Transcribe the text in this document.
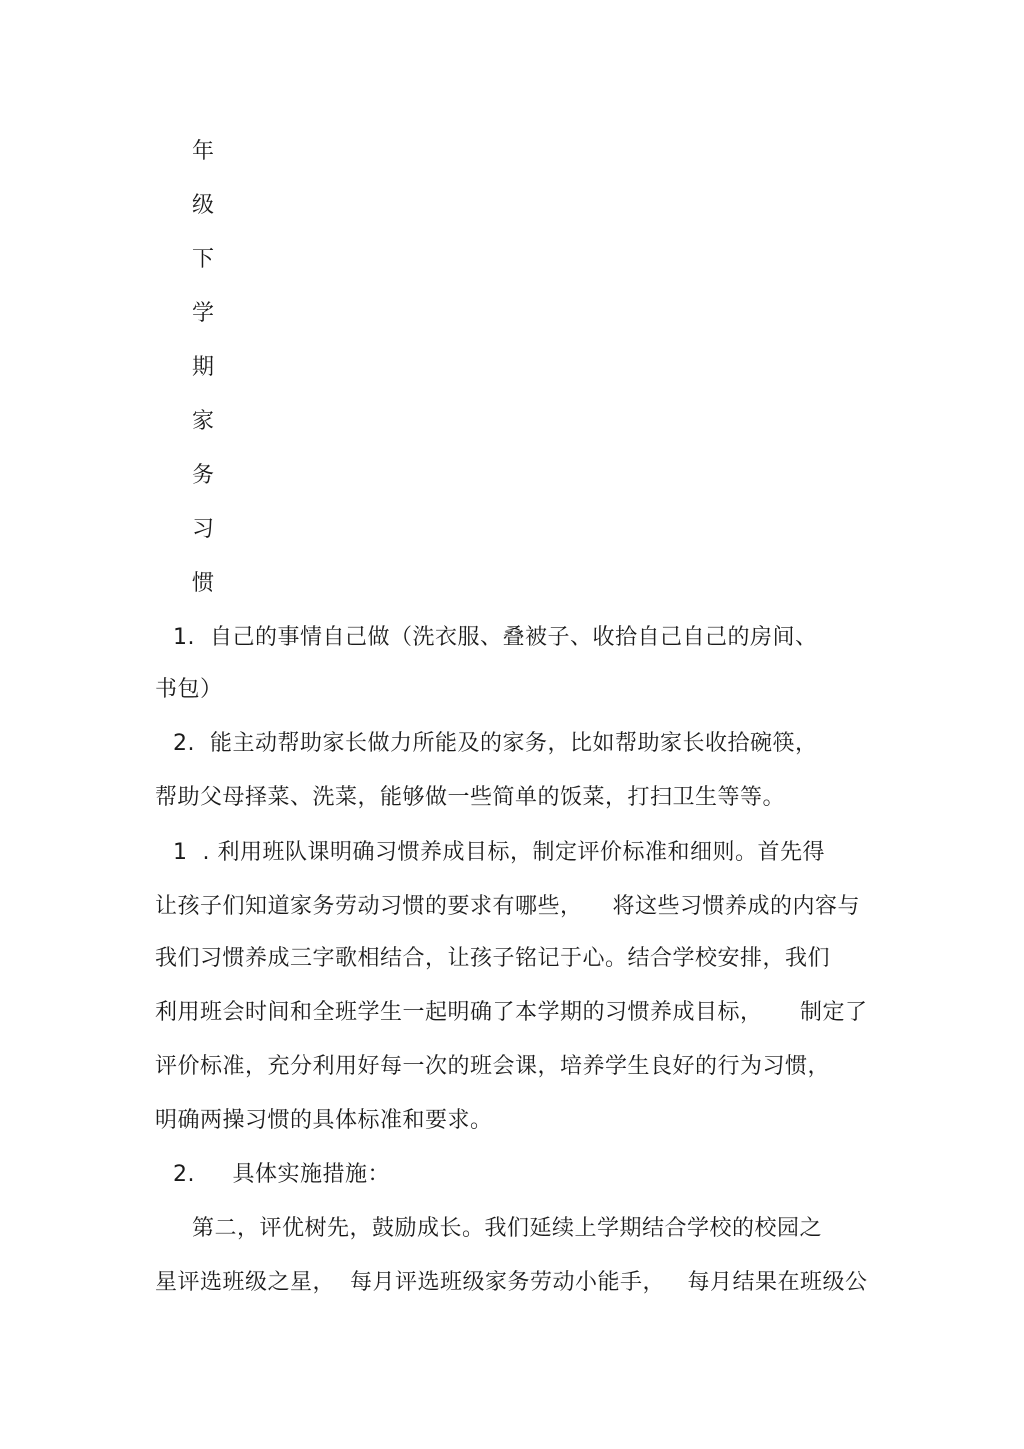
年
级
下
学
期
家
务
习
惯
1.  自己的事情自己做（洗衣服、叠被子、收拾自己自己的房间、
书包）
2.  能主动帮助家长做力所能及的家务，比如帮助家长收拾碗筷，
帮助父母择菜、洗菜，能够做一些简单的饭菜，打扫卫生等等。
1  . 利用班队课明确习惯养成目标，制定评价标准和细则。首先得
让孩子们知道家务劳动习惯的要求有哪些，    将这些习惯养成的内容与
我们习惯养成三字歌相结合，让孩子铭记于心。结合学校安排，我们
利用班会时间和全班学生一起明确了本学期的习惯养成目标，     制定了
评价标准，充分利用好每一次的班会课，培养学生良好的行为习惯，
明确两操习惯的具体标准和要求。
2.     具体实施措施：
第二，评优树先，鼓励成长。我们延续上学期结合学校的校园之
星评选班级之星，  每月评选班级家务劳动小能手，   每月结果在班级公
